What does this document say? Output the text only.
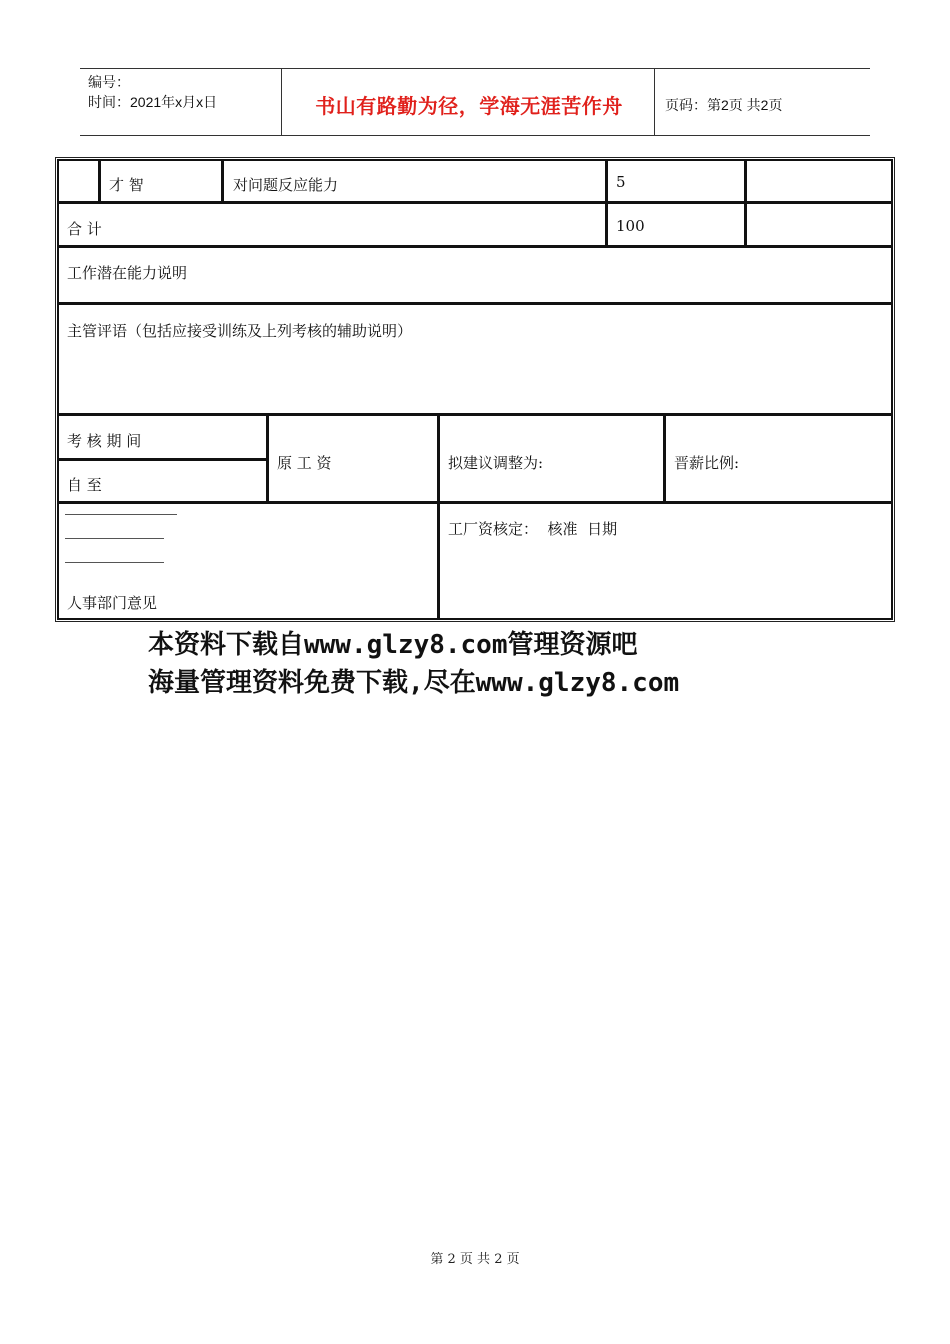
编号：
时间：2021年x月x日	书山有路勤为径，学海无涯苦作舟	页码：第2页 共2页
才 智	对问题反应能力	5
合 计	100
工作潜在能力说明
主管评语（包括应接受训练及上列考核的辅助说明）
考 核 期 间
自 至
原 工 资	拟建议调整为:	晋薪比例:
人事部门意见
工厂资核定：  核准  日期
本资料下载自www.glzy8.com管理资源吧
海量管理资料免费下载,尽在www.glzy8.com
第 2 页 共 2 页
